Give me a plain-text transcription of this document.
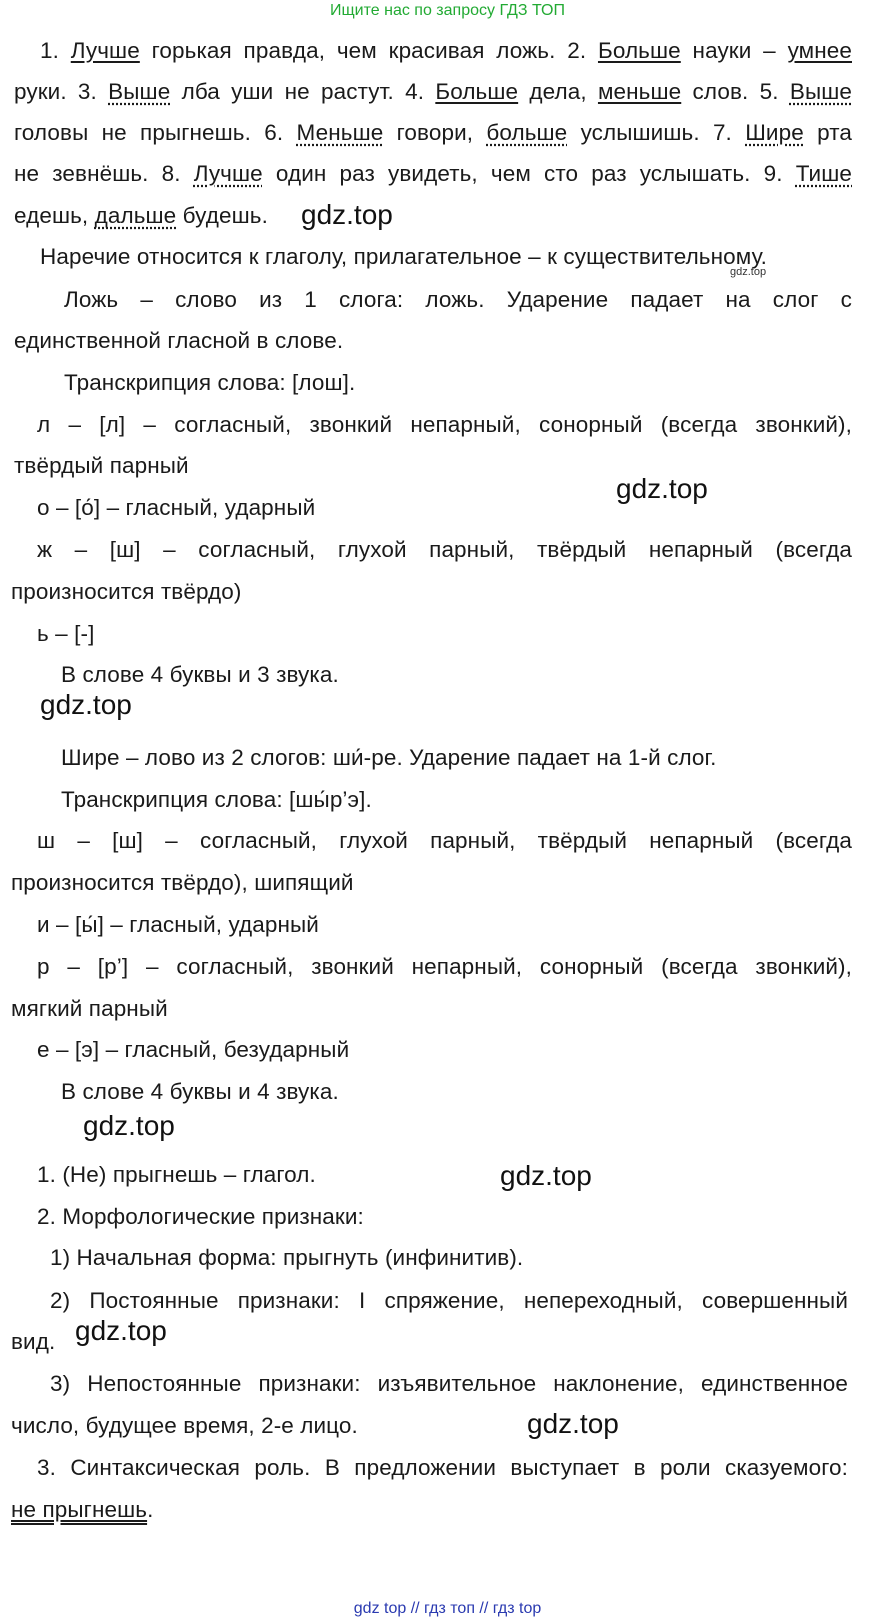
Ищите нас по запросу ГДЗ ТОП
1. Лучше горькая правда, чем красивая ложь. 2. Больше науки – умнее
руки. 3. Выше лба уши не растут. 4. Больше дела, меньше слов. 5. Выше
головы не прыгнешь. 6. Меньше говори, больше услышишь. 7. Шире рта
не зевнёшь. 8. Лучше один раз увидеть, чем сто раз услышать. 9. Тише
едешь, дальше будешь.	gdz.top
Наречие относится к глаголу, прилагательное – к существительному.
gdz.top
Ложь – слово из 1 слога: ложь. Ударение падает на слог с
единственной гласной в слове.
Транскрипция слова: [лош].
л – [л] – согласный, звонкий непарный, сонорный (всегда звонкий),
твёрдый парный
gdz.top
о – [о́] – гласный, ударный
ж – [ш] – согласный, глухой парный, твёрдый непарный (всегда
произносится твёрдо)
ь – [-]
В слове 4 буквы и 3 звука.
gdz.top
Шире – лово из 2 слогов: ши́-ре. Ударение падает на 1-й слог.
Транскрипция слова: [шы́р’э].
ш – [ш] – согласный, глухой парный, твёрдый непарный (всегда
произносится твёрдо), шипящий
и – [ы́] – гласный, ударный
р – [р’] – согласный, звонкий непарный, сонорный (всегда звонкий),
мягкий парный
е – [э] – гласный, безударный
В слове 4 буквы и 4 звука.
gdz.top
1. (Не) прыгнешь – глагол.	gdz.top
2. Морфологические признаки:
1) Начальная форма: прыгнуть (инфинитив).
2) Постоянные признаки: I спряжение, непереходный, совершенный
вид. gdz.top
3) Непостоянные признаки: изъявительное наклонение, единственное
число, будущее время, 2-е лицо.	gdz.top
3. Синтаксическая роль. В предложении выступает в роли сказуемого:
не прыгнешь.
gdz top // гдз топ // гдз top
